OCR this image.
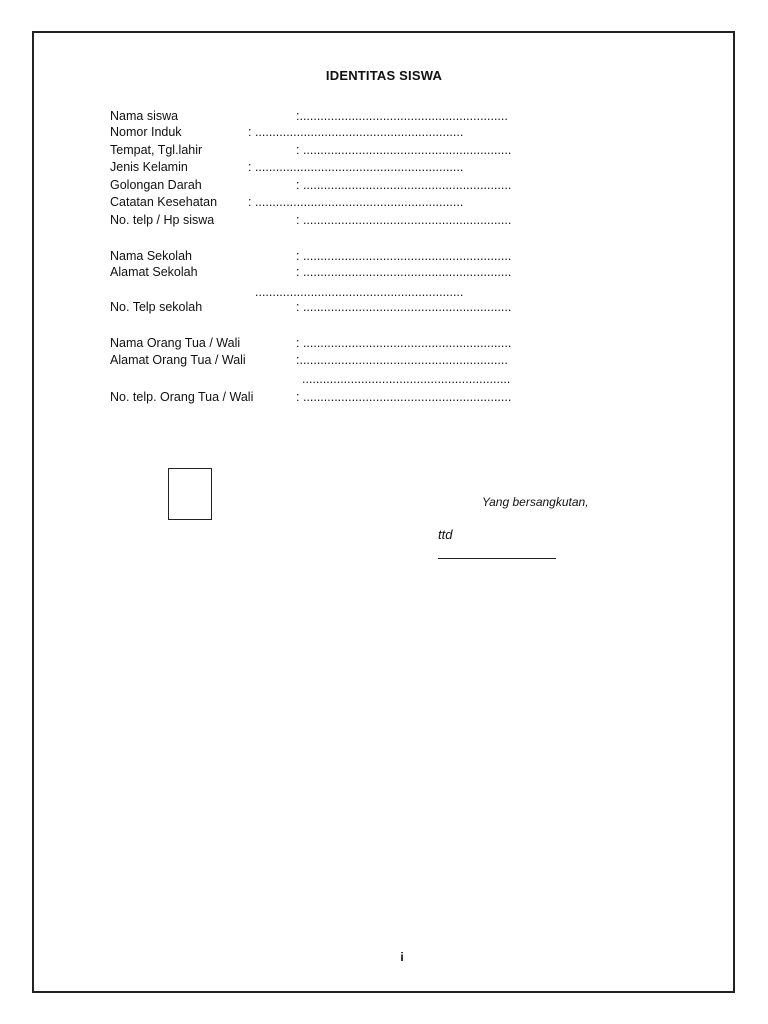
IDENTITAS SISWA
Nama siswa	:............................................................
Nomor Induk	: ............................................................
Tempat, Tgl.lahir	: ............................................................
Jenis Kelamin	: ............................................................
Golongan Darah	: ............................................................
Catatan Kesehatan : ............................................................
No. telp / Hp siswa	: ............................................................
Nama Sekolah	: ............................................................
Alamat Sekolah	: ............................................................
............................................................
No. Telp sekolah	: ............................................................
Nama Orang Tua / Wali	: ............................................................
Alamat Orang Tua / Wali	:............................................................
............................................................
No. telp. Orang Tua / Wali	: ............................................................
Yang bersangkutan,
ttd
i
